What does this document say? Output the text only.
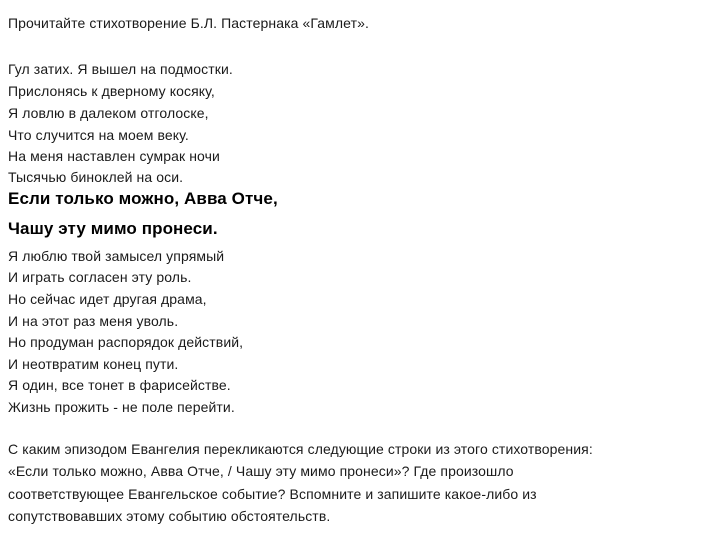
Прочитайте стихотворение Б.Л. Пастернака «Гамлет».
Гул затих. Я вышел на подмостки.
Прислонясь к дверному косяку,
Я ловлю в далеком отголоске,
Что случится на моем веку.
На меня наставлен сумрак ночи
Тысячью биноклей на оси.
Если только можно, Авва Отче,
Чашу эту мимо пронеси.
Я люблю твой замысел упрямый
И играть согласен эту роль.
Но сейчас идет другая драма,
И на этот раз меня уволь.
Но продуман распорядок действий,
И неотвратим конец пути.
Я один, все тонет в фарисействе.
Жизнь прожить - не поле перейти.
С каким эпизодом Евангелия перекликаются следующие строки из этого стихотворения:
«Если только можно, Авва Отче, / Чашу эту мимо пронеси»? Где произошло
соответствующее Евангельское событие? Вспомните и запишите какое-либо из
сопутствовавших этому событию обстоятельств.
